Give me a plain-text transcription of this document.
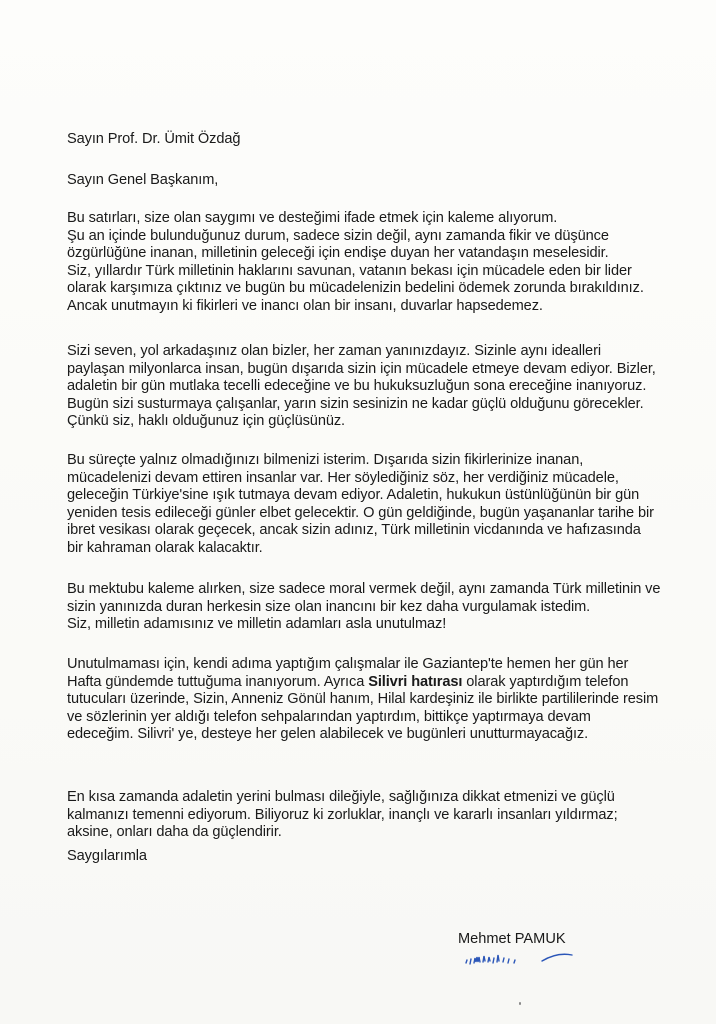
Sayın Prof. Dr. Ümit Özdağ
Sayın Genel Başkanım,
Bu satırları, size olan saygımı ve desteğimi ifade etmek için kaleme alıyorum.
Şu an içinde bulunduğunuz durum, sadece sizin değil, aynı zamanda fikir ve düşünce
özgürlüğüne inanan, milletinin geleceği için endişe duyan her vatandaşın meselesidir.
Siz, yıllardır Türk milletinin haklarını savunan, vatanın bekası için mücadele eden bir lider
olarak karşımıza çıktınız ve bugün bu mücadelenizin bedelini ödemek zorunda bırakıldınız.
Ancak unutmayın ki fikirleri ve inancı olan bir insanı, duvarlar hapsedemez.
Sizi seven, yol arkadaşınız olan bizler, her zaman yanınızdayız. Sizinle aynı idealleri
paylaşan milyonlarca insan, bugün dışarıda sizin için mücadele etmeye devam ediyor. Bizler,
adaletin bir gün mutlaka tecelli edeceğine ve bu hukuksuzluğun sona ereceğine inanıyoruz.
Bugün sizi susturmaya çalışanlar, yarın sizin sesinizin ne kadar güçlü olduğunu görecekler.
Çünkü siz, haklı olduğunuz için güçlüsünüz.
Bu süreçte yalnız olmadığınızı bilmenizi isterim. Dışarıda sizin fikirlerinize inanan,
mücadelenizi devam ettiren insanlar var. Her söylediğiniz söz, her verdiğiniz mücadele,
geleceğin Türkiye'sine ışık tutmaya devam ediyor. Adaletin, hukukun üstünlüğünün bir gün
yeniden tesis edileceği günler elbet gelecektir. O gün geldiğinde, bugün yaşananlar tarihe bir
ibret vesikası olarak geçecek, ancak sizin adınız, Türk milletinin vicdanında ve hafızasında
bir kahraman olarak kalacaktır.
Bu mektubu kaleme alırken, size sadece moral vermek değil, aynı zamanda Türk milletinin ve
sizin yanınızda duran herkesin size olan inancını bir kez daha vurgulamak istedim.
Siz, milletin adamısınız ve milletin adamları asla unutulmaz!
Unutulmaması için, kendi adıma yaptığım çalışmalar ile Gaziantep'te hemen her gün her
Hafta gündemde tuttuğuma inanıyorum. Ayrıca Silivri hatırası olarak yaptırdığım telefon
tutucuları üzerinde, Sizin, Anneniz Gönül hanım, Hilal kardeşiniz ile birlikte partililerinde resim
ve sözlerinin yer aldığı telefon sehpalarından yaptırdım, bittikçe yaptırmaya devam
edeceğim. Silivri' ye, desteye her gelen alabilecek ve bugünleri unutturmayacağız.
En kısa zamanda adaletin yerini bulması dileğiyle, sağlığınıza dikkat etmenizi ve güçlü
kalmanızı temenni ediyorum. Biliyoruz ki zorluklar, inançlı ve kararlı insanları yıldırmaz;
aksine, onları daha da güçlendirir.
Saygılarımla
Mehmet PAMUK
